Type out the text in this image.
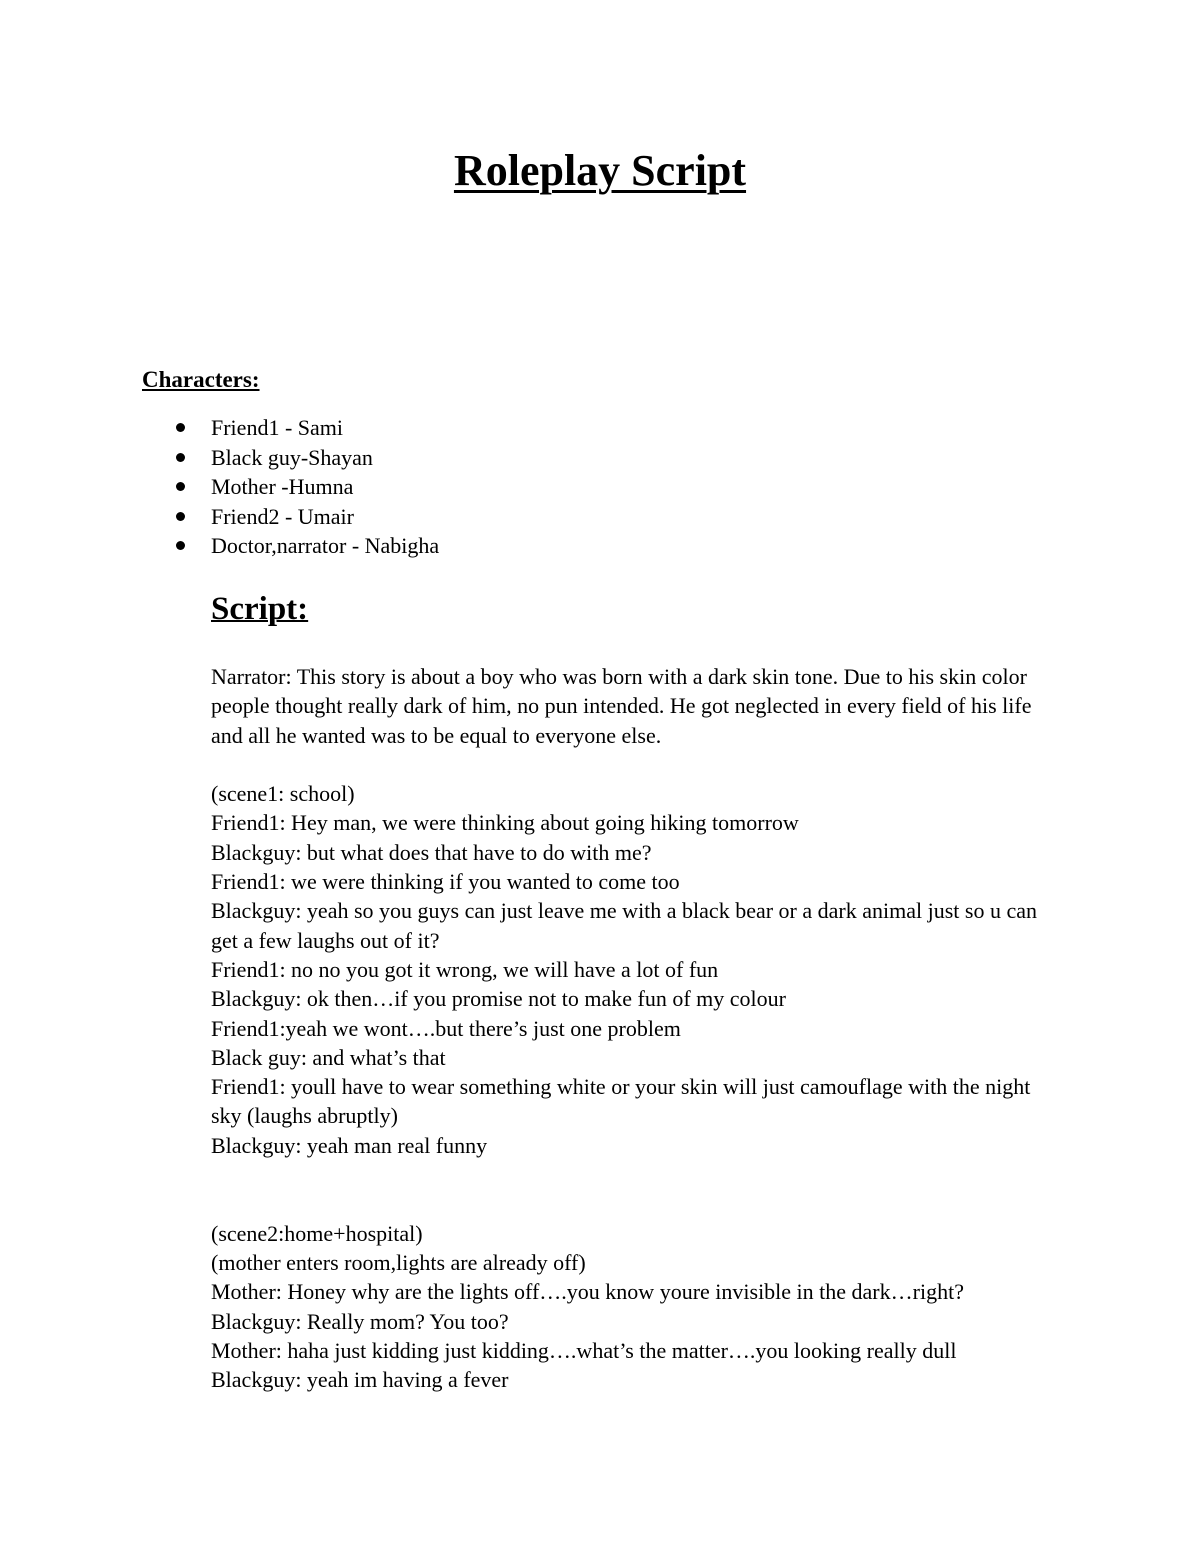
Roleplay Script
Characters:
Friend1 - Sami
Black guy-Shayan
Mother -Humna
Friend2 - Umair
Doctor,narrator - Nabigha
Script:

Narrator: This story is about a boy who was born with a dark skin tone. Due to his skin color people thought really dark of him, no pun intended. He got neglected in every field of his life and all he wanted was to be equal to everyone else.

(scene1: school)

Friend1: Hey man, we were thinking about going hiking tomorrow

Blackguy: but what does that have to do with me?

Friend1: we were thinking if you wanted to come too

Blackguy: yeah so you guys can just leave me with a black bear or a dark animal just so u can get a few laughs out of it?

Friend1: no no you got it wrong, we will have a lot of fun

Blackguy: ok then…if you promise not to make fun of my colour

Friend1:yeah we wont….but there’s just one problem

Black guy: and what’s that

Friend1: youll have to wear something white or your skin will just camouflage with the night sky (laughs abruptly)

Blackguy: yeah man real funny

(scene2:home+hospital)

(mother enters room,lights are already off)

Mother: Honey why are the lights off….you know youre invisible in the dark…right?

Blackguy: Really mom? You too?

Mother: haha just kidding just kidding….what’s the matter….you looking really dull

Blackguy: yeah im having a fever
